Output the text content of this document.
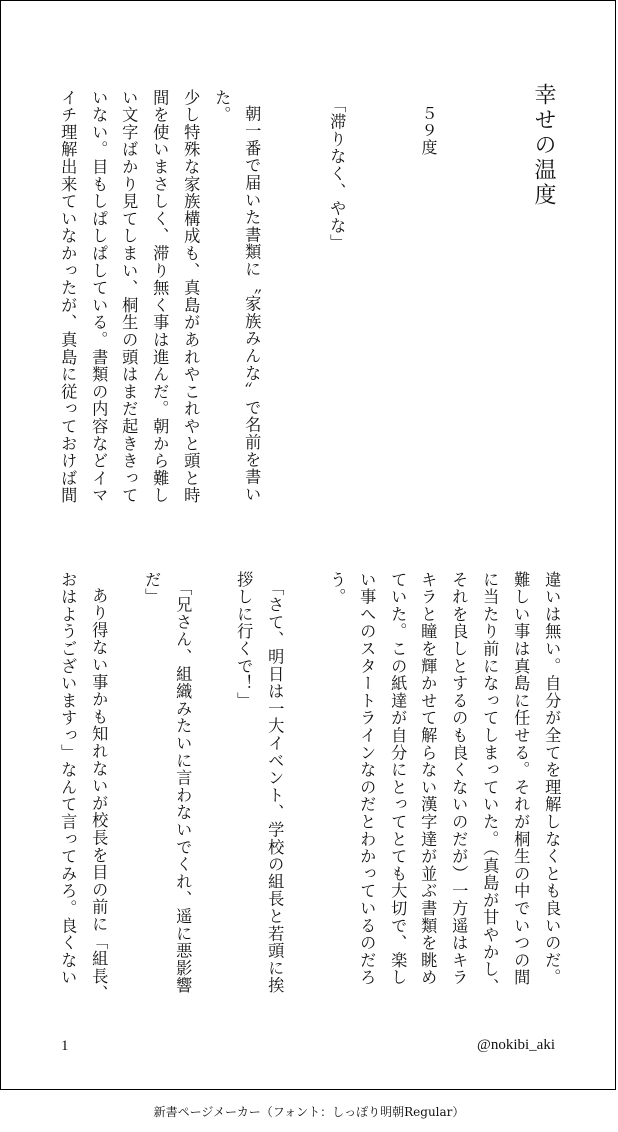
幸せの温度
５９度
「滞りなく、やな」
朝一番で届いた書類に〝家族みんな〟で名前を書い
た。
少し特殊な家族構成も、真島があれやこれやと頭と時
間を使いまさしく、滞り無く事は進んだ。朝から難し
い文字ばかり見てしまい、桐生の頭はまだ起ききって
いない。目もしぱしぱしている。書類の内容などイマ
イチ理解出来ていなかったが、真島に従っておけば間
違いは無い。自分が全てを理解しなくとも良いのだ。
難しい事は真島に任せる。それが桐生の中でいつの間
に当たり前になってしまっていた。（真島が甘やかし、
それを良しとするのも良くないのだが）一方遥はキラ
キラと瞳を輝かせて解らない漢字達が並ぶ書類を眺め
ていた。この紙達が自分にとってとても大切で、楽し
い事へのスタートラインなのだとわかっているのだろ
う。
「さて、明日は一大イベント、学校の組長と若頭に挨
拶しに行くで！」
「兄さん、組織みたいに言わないでくれ、遥に悪影響
だ」
あり得ない事かも知れないが校長を目の前に「組長、
おはようございますっ」なんて言ってみろ。良くない
1	@nokibi_aki
新書ページメーカー（フォント：しっぽり明朝Regular）
